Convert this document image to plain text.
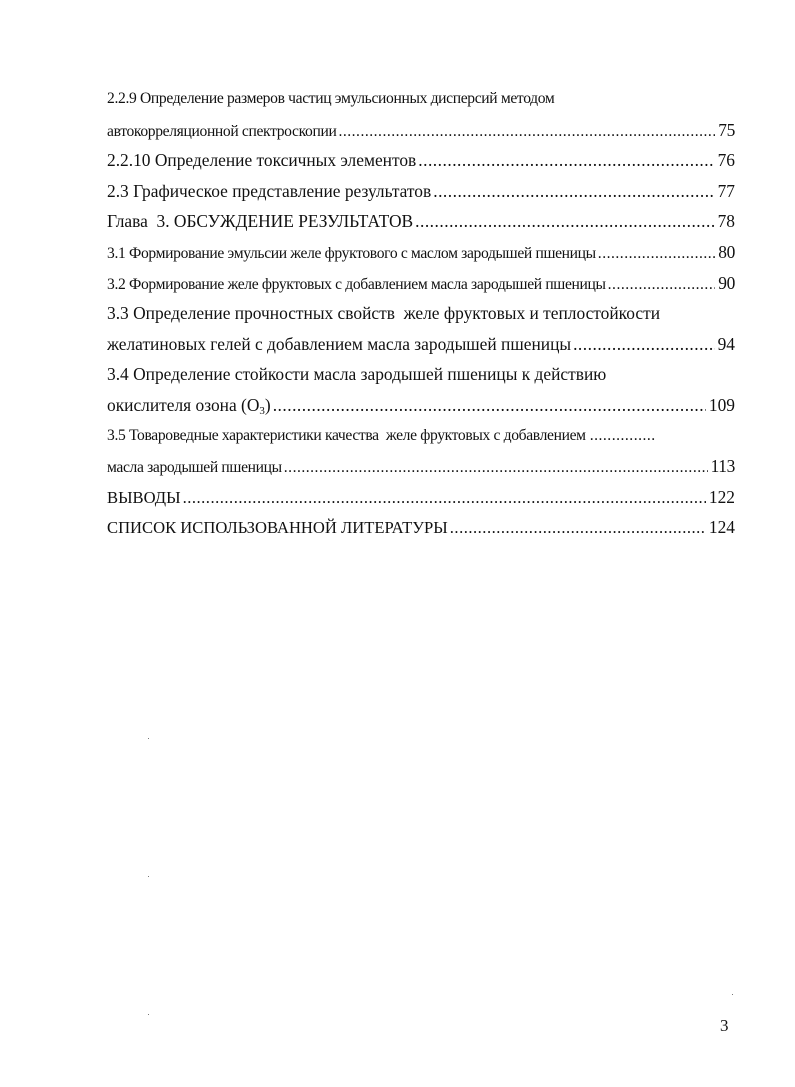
2.2.9 Определение размеров частиц эмульсионных дисперсий методом
автокорреляционной спектроскопии .....	75
2.2.10 Определение токсичных элементов .....	76
2.3 Графическое представление результатов .....	77
Глава  3. ОБСУЖДЕНИЕ РЕЗУЛЬТАТОВ .....	78
3.1 Формирование эмульсии желе фруктового с маслом зародышей пшеницы .....	80
3.2 Формирование желе фруктовых с добавлением масла зародышей пшеницы .....	90
3.3 Определение прочностных свойств  желе фруктовых и теплостойкости
желатиновых гелей с добавлением масла зародышей пшеницы .....	94
3.4 Определение стойкости масла зародышей пшеницы к действию
окислителя озона $(О_3)$ .....	109
3.5 Товароведные характеристики качества  желе фруктовых с добавлением ...............
масла зародышей пшеницы .....	113
ВЫВОДЫ .....	122
СПИСОК ИСПОЛЬЗОВАННОЙ ЛИТЕРАТУРЫ .....	124
3
